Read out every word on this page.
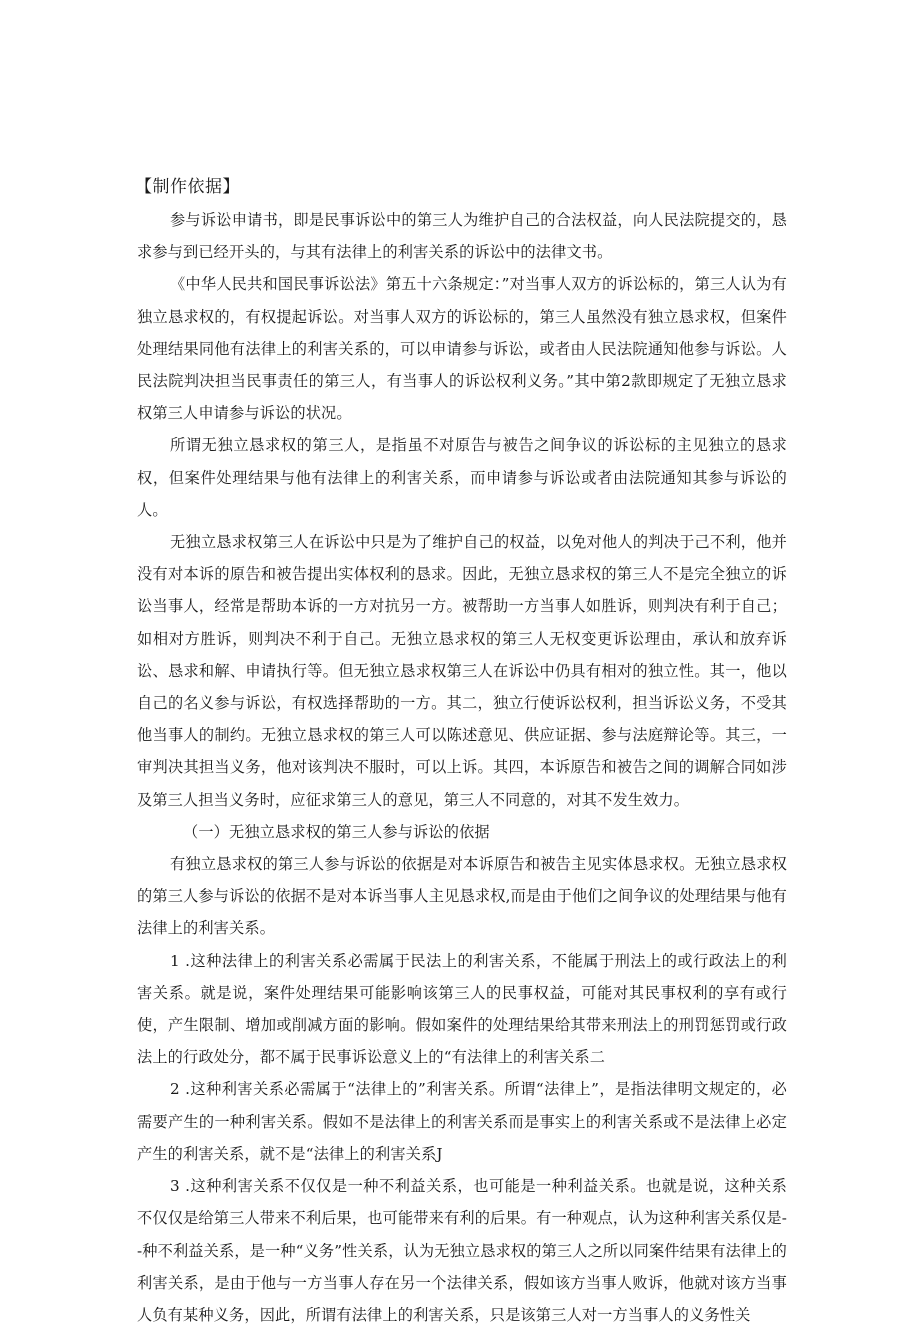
【制作依据】

参与诉讼申请书，即是民事诉讼中的第三人为维护自己的合法权益，向人民法院提交的，恳求参与到已经开头的，与其有法律上的利害关系的诉讼中的法律文书。

《中华人民共和国民事诉讼法》第五十六条规定：”对当事人双方的诉讼标的，第三人认为有独立恳求权的，有权提起诉讼。对当事人双方的诉讼标的，第三人虽然没有独立恳求权，但案件处理结果同他有法律上的利害关系的，可以申请参与诉讼，或者由人民法院通知他参与诉讼。人民法院判决担当民事责任的第三人，有当事人的诉讼权利义务。”其中第2款即规定了无独立恳求权第三人申请参与诉讼的状况。

所谓无独立恳求权的第三人，是指虽不对原告与被告之间争议的诉讼标的主见独立的恳求权，但案件处理结果与他有法律上的利害关系，而申请参与诉讼或者由法院通知其参与诉讼的人。

无独立恳求权第三人在诉讼中只是为了维护自己的权益，以免对他人的判决于己不利，他并没有对本诉的原告和被告提出实体权利的恳求。因此，无独立恳求权的第三人不是完全独立的诉讼当事人，经常是帮助本诉的一方对抗另一方。被帮助一方当事人如胜诉，则判决有利于自己；如相对方胜诉，则判决不利于自己。无独立恳求权的第三人无权变更诉讼理由，承认和放弃诉讼、恳求和解、申请执行等。但无独立恳求权第三人在诉讼中仍具有相对的独立性。其一，他以自己的名义参与诉讼，有权选择帮助的一方。其二，独立行使诉讼权利，担当诉讼义务，不受其他当事人的制约。无独立恳求权的第三人可以陈述意见、供应证据、参与法庭辩论等。其三，一审判决其担当义务，他对该判决不服时，可以上诉。其四，本诉原告和被告之间的调解合同如涉及第三人担当义务时，应征求第三人的意见，第三人不同意的，对其不发生效力。

（一）无独立恳求权的第三人参与诉讼的依据

有独立恳求权的第三人参与诉讼的依据是对本诉原告和被告主见实体恳求权。无独立恳求权的第三人参与诉讼的依据不是对本诉当事人主见恳求权,而是由于他们之间争议的处理结果与他有法律上的利害关系。

1 .这种法律上的利害关系必需属于民法上的利害关系，不能属于刑法上的或行政法上的利害关系。就是说，案件处理结果可能影响该第三人的民事权益，可能对其民事权利的享有或行使，产生限制、增加或削减方面的影响。假如案件的处理结果给其带来刑法上的刑罚惩罚或行政法上的行政处分，都不属于民事诉讼意义上的“有法律上的利害关系二

2 .这种利害关系必需属于“法律上的”利害关系。所谓“法律上”，是指法律明文规定的，必需要产生的一种利害关系。假如不是法律上的利害关系而是事实上的利害关系或不是法律上必定产生的利害关系，就不是“法律上的利害关系J

3 .这种利害关系不仅仅是一种不利益关系，也可能是一种利益关系。也就是说，这种关系不仅仅是给第三人带来不利后果，也可能带来有利的后果。有一种观点，认为这种利害关系仅是--种不利益关系，是一种“义务”性关系，认为无独立恳求权的第三人之所以同案件结果有法律上的利害关系，是由于他与一方当事人存在另一个法律关系，假如该方当事人败诉，他就对该方当事人负有某种义务，因此，所谓有法律上的利害关系，只是该第三人对一方当事人的义务性关
